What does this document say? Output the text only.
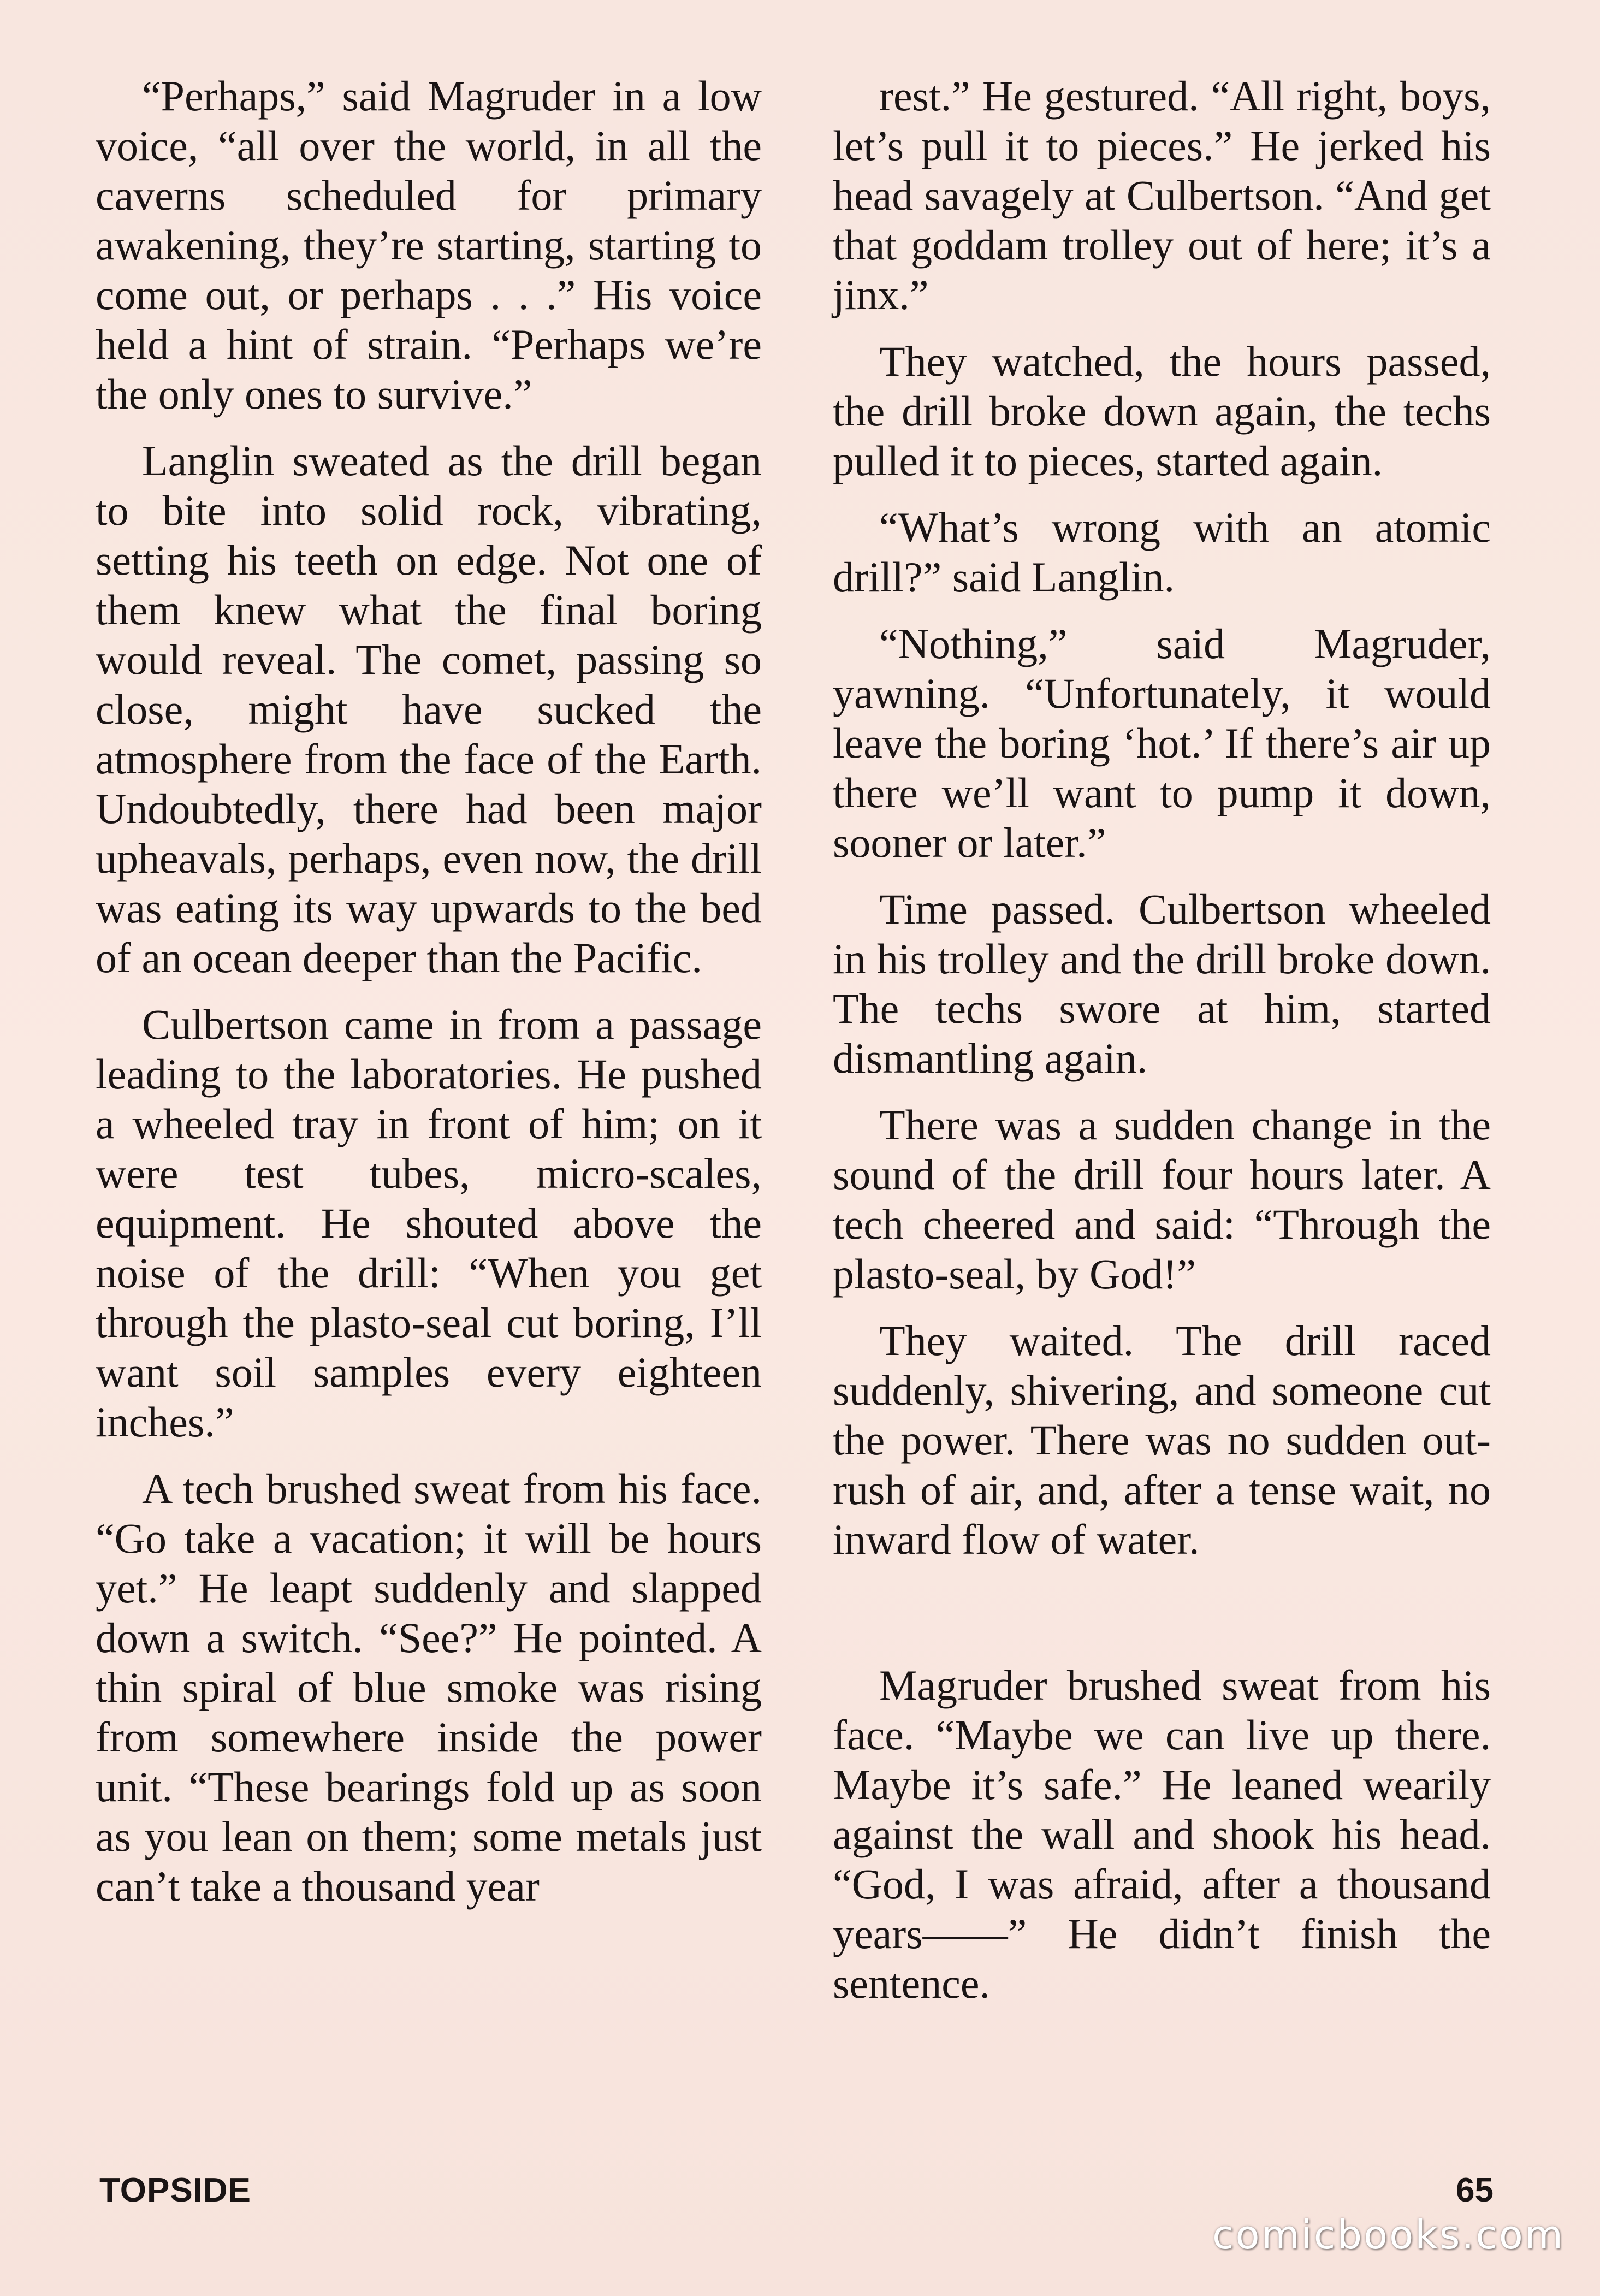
“Perhaps,” said Magruder in a low voice, “all over the world, in all the caverns scheduled for primary awakening, they’re starting, starting to come out, or perhaps . . .” His voice held a hint of strain. “Perhaps we’re the only ones to survive.”

Langlin sweated as the drill began to bite into solid rock, vibrating, setting his teeth on edge. Not one of them knew what the final boring would reveal. The comet, passing so close, might have sucked the atmosphere from the face of the Earth. Undoubtedly, there had been major upheavals, perhaps, even now, the drill was eating its way upwards to the bed of an ocean deeper than the Pacific.

Culbertson came in from a passage leading to the laboratories. He pushed a wheeled tray in front of him; on it were test tubes, micro-scales, equipment. He shouted above the noise of the drill: “When you get through the plasto-seal cut boring, I’ll want soil samples every eighteen inches.”

A tech brushed sweat from his face. “Go take a vacation; it will be hours yet.” He leapt suddenly and slapped down a switch. “See?” He pointed. A thin spiral of blue smoke was rising from somewhere inside the power unit. “These bearings fold up as soon as you lean on them; some metals just can’t take a thousand year

rest.” He gestured. “All right, boys, let’s pull it to pieces.” He jerked his head savagely at Culbertson. “And get that goddam trolley out of here; it’s a jinx.”

They watched, the hours passed, the drill broke down again, the techs pulled it to pieces, started again.

“What’s wrong with an atomic drill?” said Langlin.

“Nothing,” said Magruder, yawning. “Unfortunately, it would leave the boring ‘hot.’ If there’s air up there we’ll want to pump it down, sooner or later.”

Time passed. Culbertson wheeled in his trolley and the drill broke down. The techs swore at him, started dismantling again.

There was a sudden change in the sound of the drill four hours later. A tech cheered and said: “Through the plasto-seal, by God!”

They waited. The drill raced suddenly, shivering, and someone cut the power. There was no sudden out-rush of air, and, after a tense wait, no inward flow of water.

Magruder brushed sweat from his face. “Maybe we can live up there. Maybe it’s safe.” He leaned wearily against the wall and shook his head. “God, I was afraid, after a thousand years——” He didn’t finish the sentence.

TOPSIDE	65
comicbooks.com
